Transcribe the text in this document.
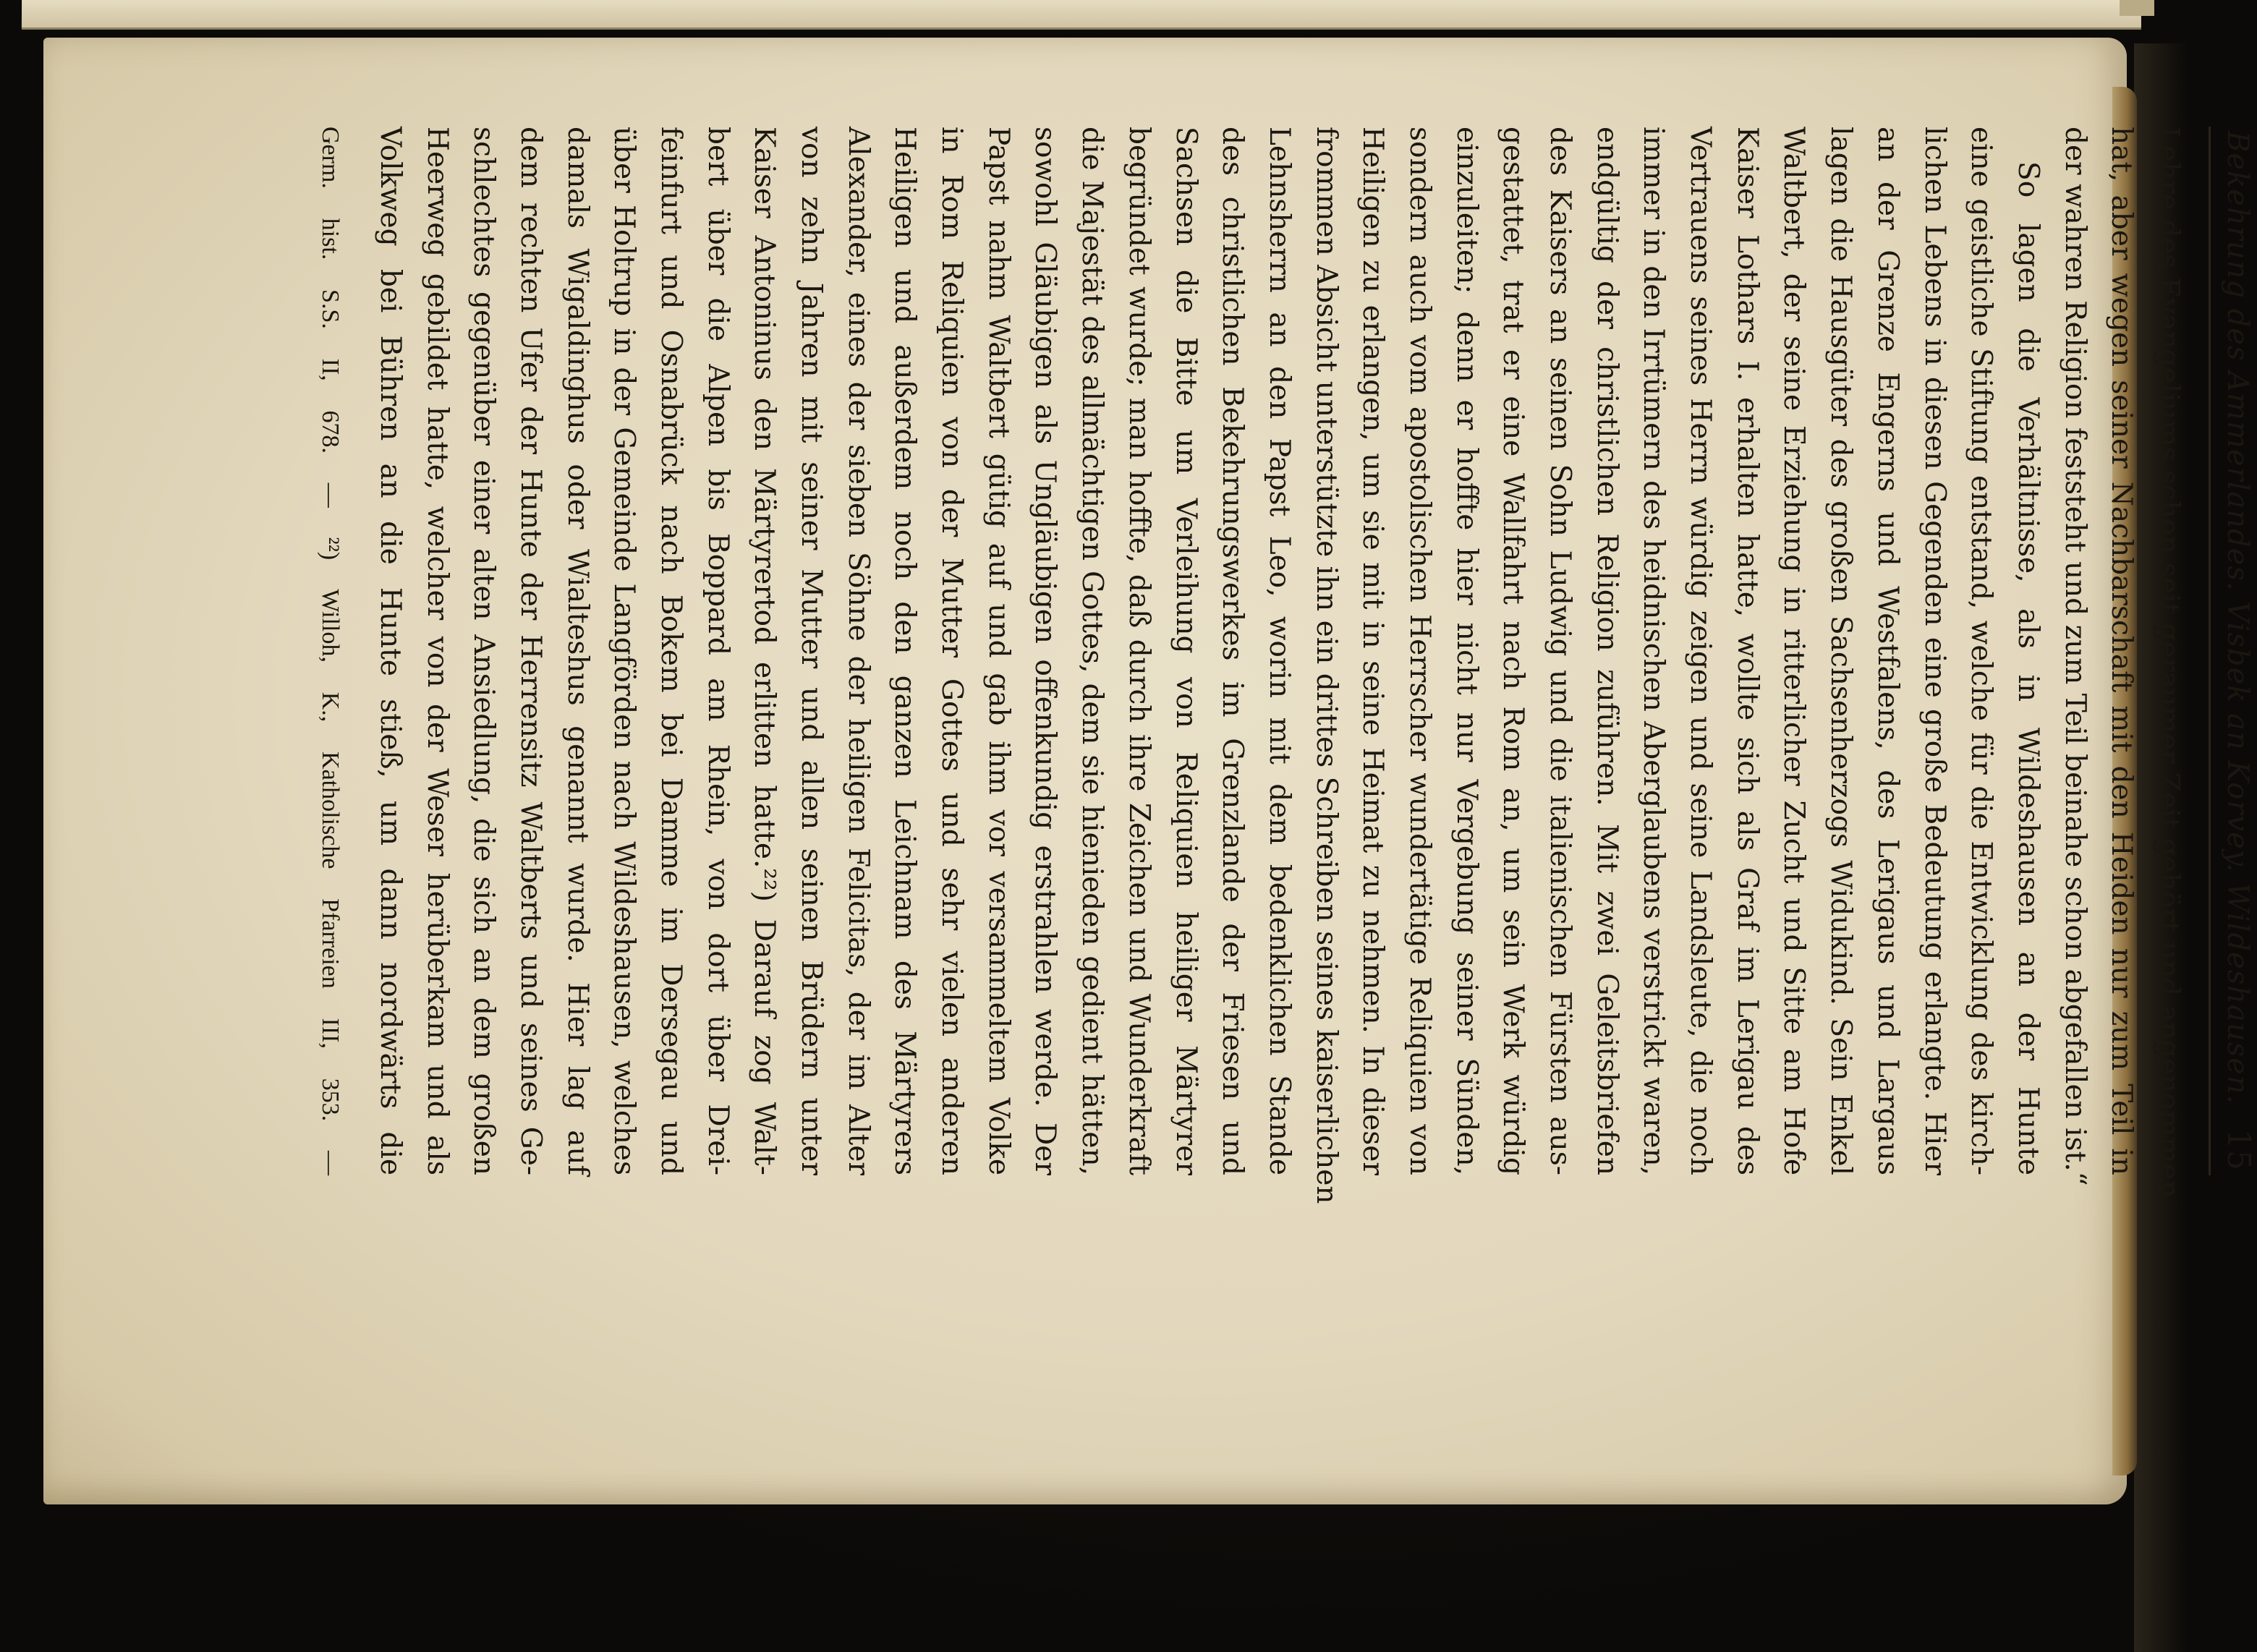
Bekehrung des Ammerlandes. Visbek an Korvey. Wildeshausen.
15
Lehre des Evangeliums schon seit geraumer Zeit gehört und angenommen
hat, aber wegen seiner Nachbarschaft mit den Heiden nur zum Teil in
der wahren Religion feststeht und zum Teil beinahe schon abgefallen ist.“
So lagen die Verhältnisse, als in Wildeshausen an der Hunte
eine geistliche Stiftung entstand, welche für die Entwicklung des kirch-
lichen Lebens in diesen Gegenden eine große Bedeutung erlangte. Hier
an der Grenze Engerns und Westfalens, des Lerigaus und Largaus
lagen die Hausgüter des großen Sachsenherzogs Widukind. Sein Enkel
Waltbert, der seine Erziehung in ritterlicher Zucht und Sitte am Hofe
Kaiser Lothars I. erhalten hatte, wollte sich als Graf im Lerigau des
Vertrauens seines Herrn würdig zeigen und seine Landsleute, die noch
immer in den Irrtümern des heidnischen Aberglaubens verstrickt waren,
endgültig der christlichen Religion zuführen. Mit zwei Geleitsbriefen
des Kaisers an seinen Sohn Ludwig und die italienischen Fürsten aus-
gestattet, trat er eine Wallfahrt nach Rom an, um sein Werk würdig
einzuleiten; denn er hoffte hier nicht nur Vergebung seiner Sünden,
sondern auch vom apostolischen Herrscher wundertätige Reliquien von
Heiligen zu erlangen, um sie mit in seine Heimat zu nehmen. In dieser
frommen Absicht unterstützte ihn ein drittes Schreiben seines kaiserlichen
Lehnsherrn an den Papst Leo, worin mit dem bedenklichen Stande
des christlichen Bekehrungswerkes im Grenzlande der Friesen und
Sachsen die Bitte um Verleihung von Reliquien heiliger Märtyrer
begründet wurde; man hoffte, daß durch ihre Zeichen und Wunderkraft
die Majestät des allmächtigen Gottes, dem sie hienieden gedient hätten,
sowohl Gläubigen als Ungläubigen offenkundig erstrahlen werde. Der
Papst nahm Waltbert gütig auf und gab ihm vor versammeltem Volke
in Rom Reliquien von der Mutter Gottes und sehr vielen anderen
Heiligen und außerdem noch den ganzen Leichnam des Märtyrers
Alexander, eines der sieben Söhne der heiligen Felicitas, der im Alter
von zehn Jahren mit seiner Mutter und allen seinen Brüdern unter
Kaiser Antoninus den Märtyrertod erlitten hatte.²²) Darauf zog Walt-
bert über die Alpen bis Boppard am Rhein, von dort über Drei-
feinfurt und Osnabrück nach Bokem bei Damme im Dersegau und
über Holtrup in der Gemeinde Langförden nach Wildeshausen, welches
damals Wigaldinghus oder Wialteshus genannt wurde. Hier lag auf
dem rechten Ufer der Hunte der Herrensitz Waltberts und seines Ge-
schlechtes gegenüber einer alten Ansiedlung, die sich an dem großen
Heerweg gebildet hatte, welcher von der Weser herüberkam und als
Volkweg bei Bühren an die Hunte stieß, um dann nordwärts die
Germ. hist. S.S. II, 678. — ²²) Willoh, K., Katholische Pfarreien III, 353. —
